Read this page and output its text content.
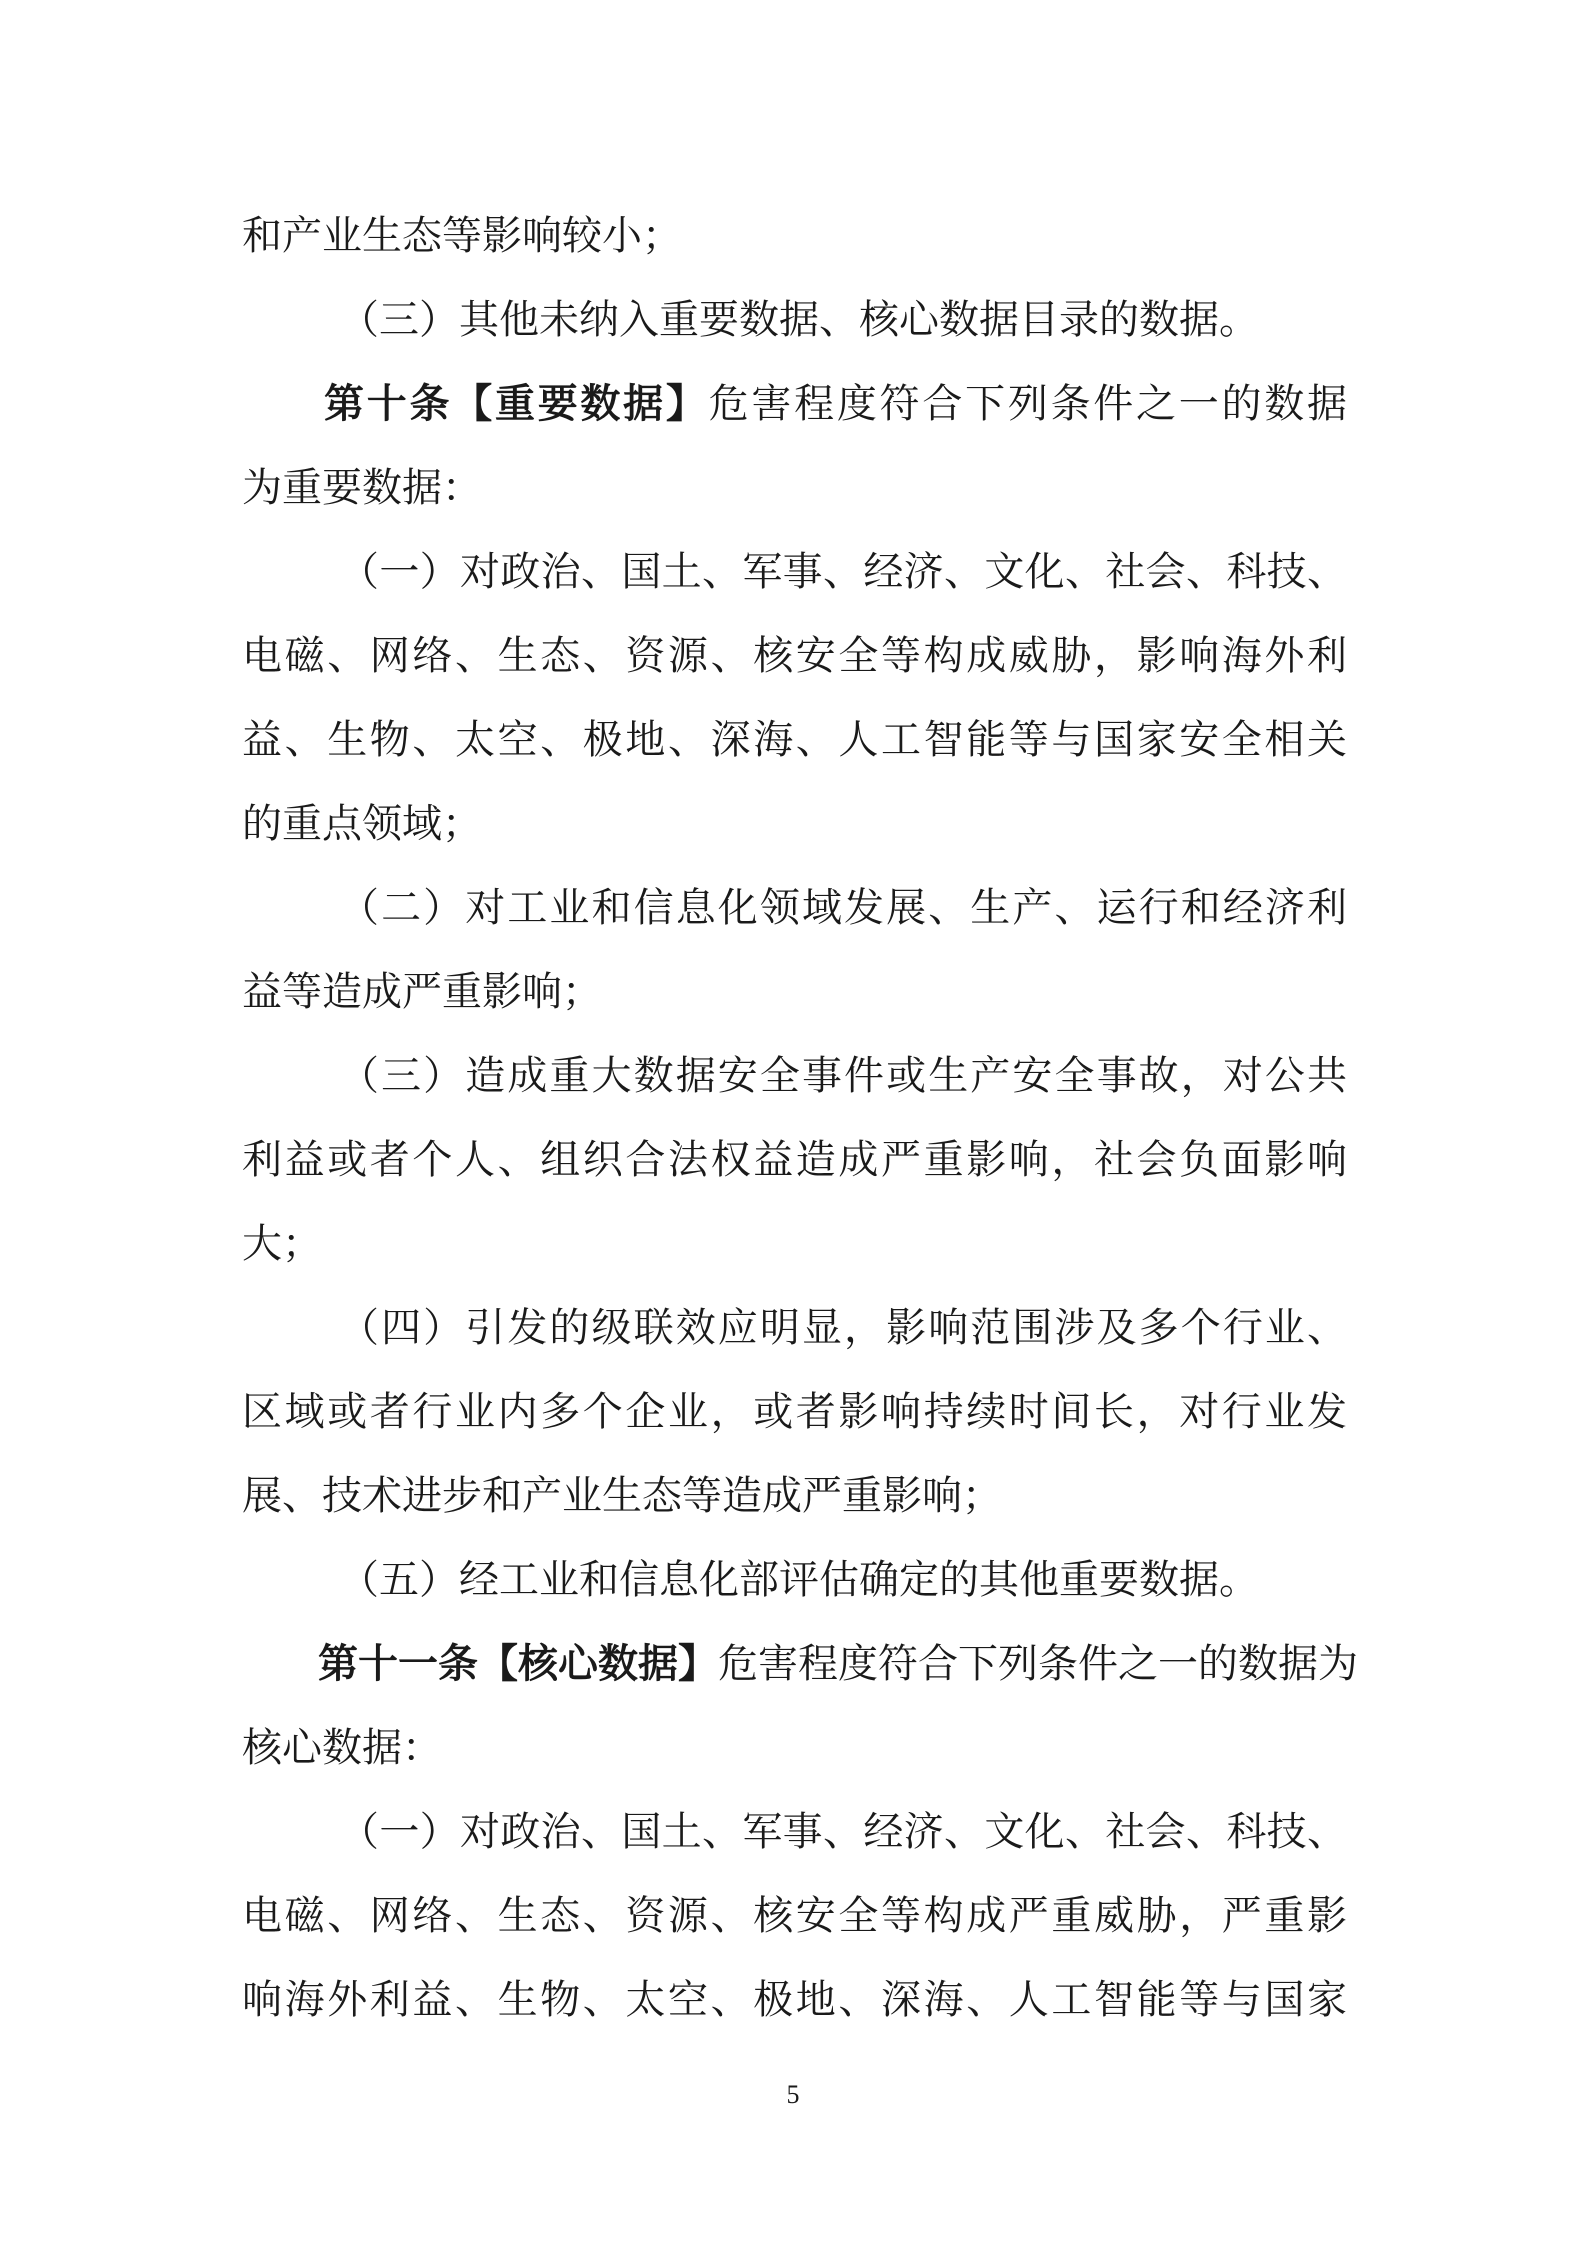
和产业生态等影响较小；
（三）其他未纳入重要数据、核心数据目录的数据。
第十条【重要数据】危害程度符合下列条件之一的数据
为重要数据：
（一）对政治、国土、军事、经济、文化、社会、科技、
电磁、网络、生态、资源、核安全等构成威胁，影响海外利
益、生物、太空、极地、深海、人工智能等与国家安全相关
的重点领域；
（二）对工业和信息化领域发展、生产、运行和经济利
益等造成严重影响；
（三）造成重大数据安全事件或生产安全事故，对公共
利益或者个人、组织合法权益造成严重影响，社会负面影响
大；
（四）引发的级联效应明显，影响范围涉及多个行业、
区域或者行业内多个企业，或者影响持续时间长，对行业发
展、技术进步和产业生态等造成严重影响；
（五）经工业和信息化部评估确定的其他重要数据。
第十一条【核心数据】危害程度符合下列条件之一的数据为
核心数据：
（一）对政治、国土、军事、经济、文化、社会、科技、
电磁、网络、生态、资源、核安全等构成严重威胁，严重影
响海外利益、生物、太空、极地、深海、人工智能等与国家
5
